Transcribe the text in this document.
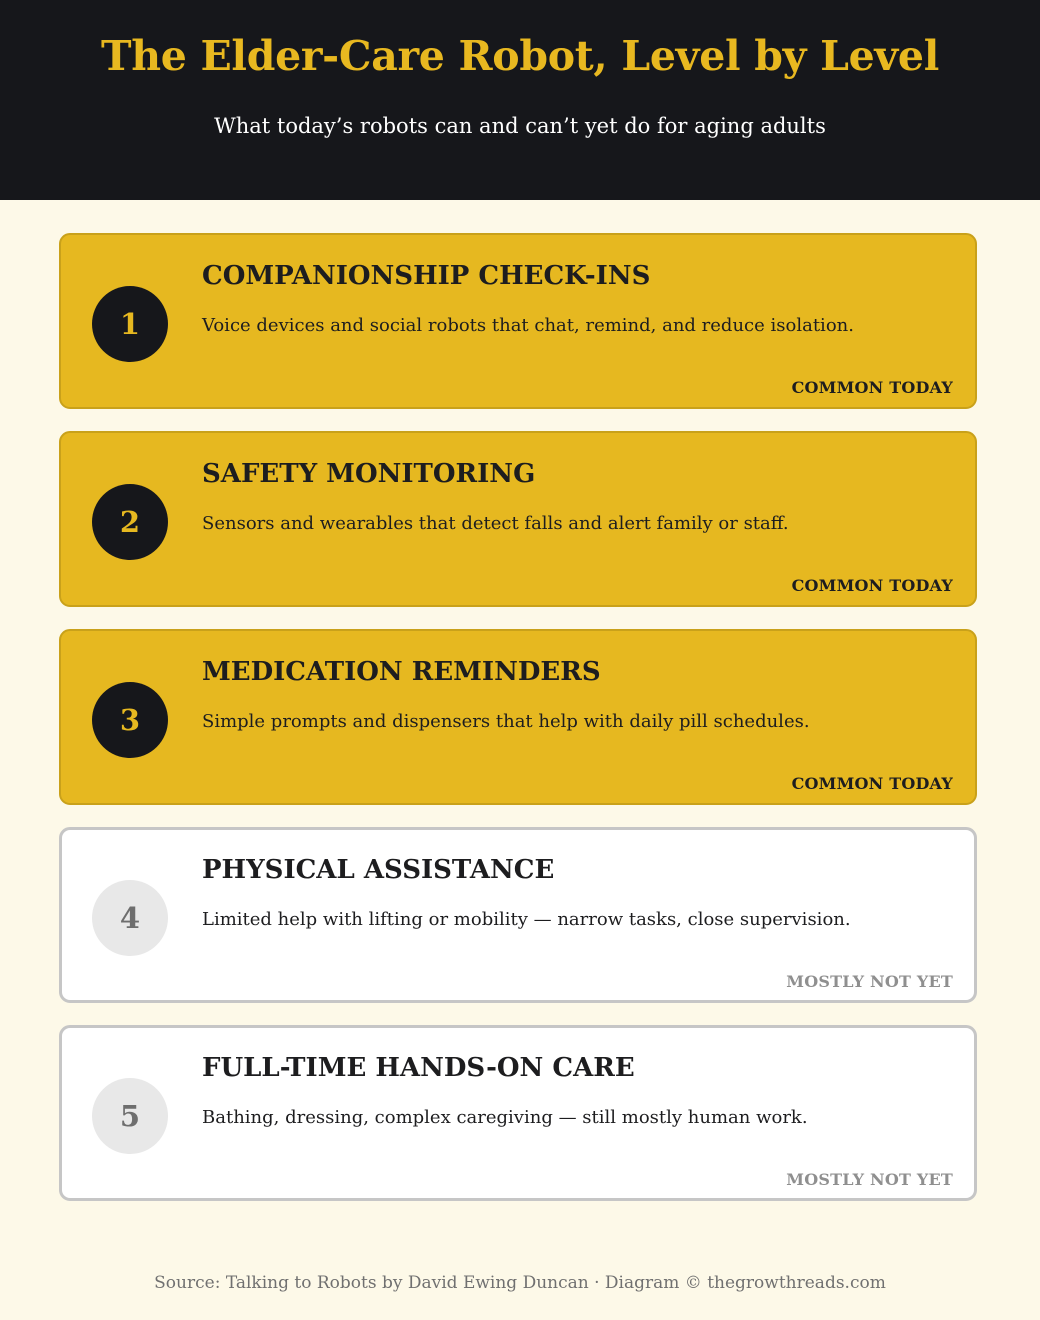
The Elder-Care Robot, Level by Level
What today’s robots can and can’t yet do for aging adults
1
COMPANIONSHIP CHECK-INS
Voice devices and social robots that chat, remind, and reduce isolation.
COMMON TODAY
2
SAFETY MONITORING
Sensors and wearables that detect falls and alert family or staff.
COMMON TODAY
3
MEDICATION REMINDERS
Simple prompts and dispensers that help with daily pill schedules.
COMMON TODAY
4
PHYSICAL ASSISTANCE
Limited help with lifting or mobility — narrow tasks, close supervision.
MOSTLY NOT YET
5
FULL-TIME HANDS-ON CARE
Bathing, dressing, complex caregiving — still mostly human work.
MOSTLY NOT YET
Source: Talking to Robots by David Ewing Duncan · Diagram © thegrowthreads.com
